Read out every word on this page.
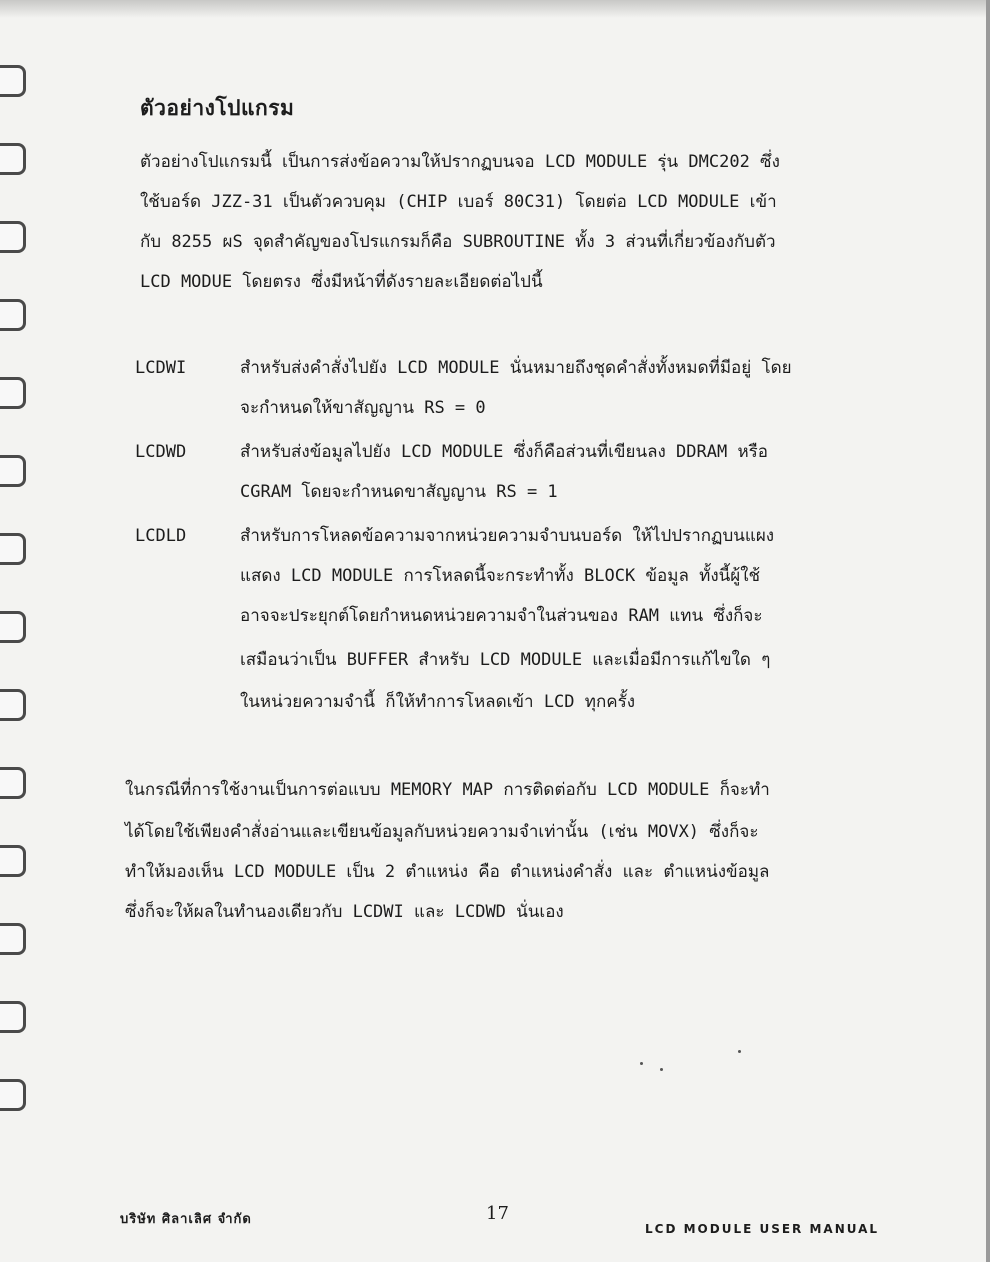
ตัวอย่างโปแกรม

ตัวอย่างโปแกรมนี้ เป็นการส่งข้อความให้ปรากฏบนจอ LCD MODULE รุ่น DMC202 ซึ่ง

ใช้บอร์ด JZZ-31 เป็นตัวควบคุม (CHIP เบอร์ 80C31) โดยต่อ LCD MODULE เข้า

กับ 8255 ผS จุดสำคัญของโปรแกรมก็คือ SUBROUTINE ทั้ง 3 ส่วนที่เกี่ยวข้องกับตัว

LCD MODUE โดยตรง ซึ่งมีหน้าที่ดังรายละเอียดต่อไปนี้

LCDWI	สำหรับส่งคำสั่งไปยัง LCD MODULE นั่นหมายถึงชุดคำสั่งทั้งหมดที่มีอยู่ โดย

จะกำหนดให้ขาสัญญาน RS = 0

LCDWD	สำหรับส่งข้อมูลไปยัง LCD MODULE ซึ่งก็คือส่วนที่เขียนลง DDRAM หรือ

CGRAM โดยจะกำหนดขาสัญญาน RS = 1

LCDLD	สำหรับการโหลดข้อความจากหน่วยความจำบนบอร์ด ให้ไปปรากฏบนแผง

แสดง LCD MODULE การโหลดนี้จะกระทำทั้ง BLOCK ข้อมูล ทั้งนี้ผู้ใช้

อาจจะประยุกต์โดยกำหนดหน่วยความจำในส่วนของ RAM แทน ซึ่งก็จะ

เสมือนว่าเป็น BUFFER สำหรับ LCD MODULE และเมื่อมีการแก้ไขใด ๆ

ในหน่วยความจำนี้ ก็ให้ทำการโหลดเข้า LCD ทุกครั้ง

ในกรณีที่การใช้งานเป็นการต่อแบบ MEMORY MAP การติดต่อกับ LCD MODULE ก็จะทำ

ได้โดยใช้เพียงคำสั่งอ่านและเขียนข้อมูลกับหน่วยความจำเท่านั้น (เช่น MOVX) ซึ่งก็จะ

ทำให้มองเห็น LCD MODULE เป็น 2 ตำแหน่ง คือ ตำแหน่งคำสั่ง และ ตำแหน่งข้อมูล

ซึ่งก็จะให้ผลในทำนองเดียวกับ LCDWI และ LCDWD นั่นเอง

บริษัท ศิลาเลิศ จำกัด	17

LCD MODULE USER MANUAL
